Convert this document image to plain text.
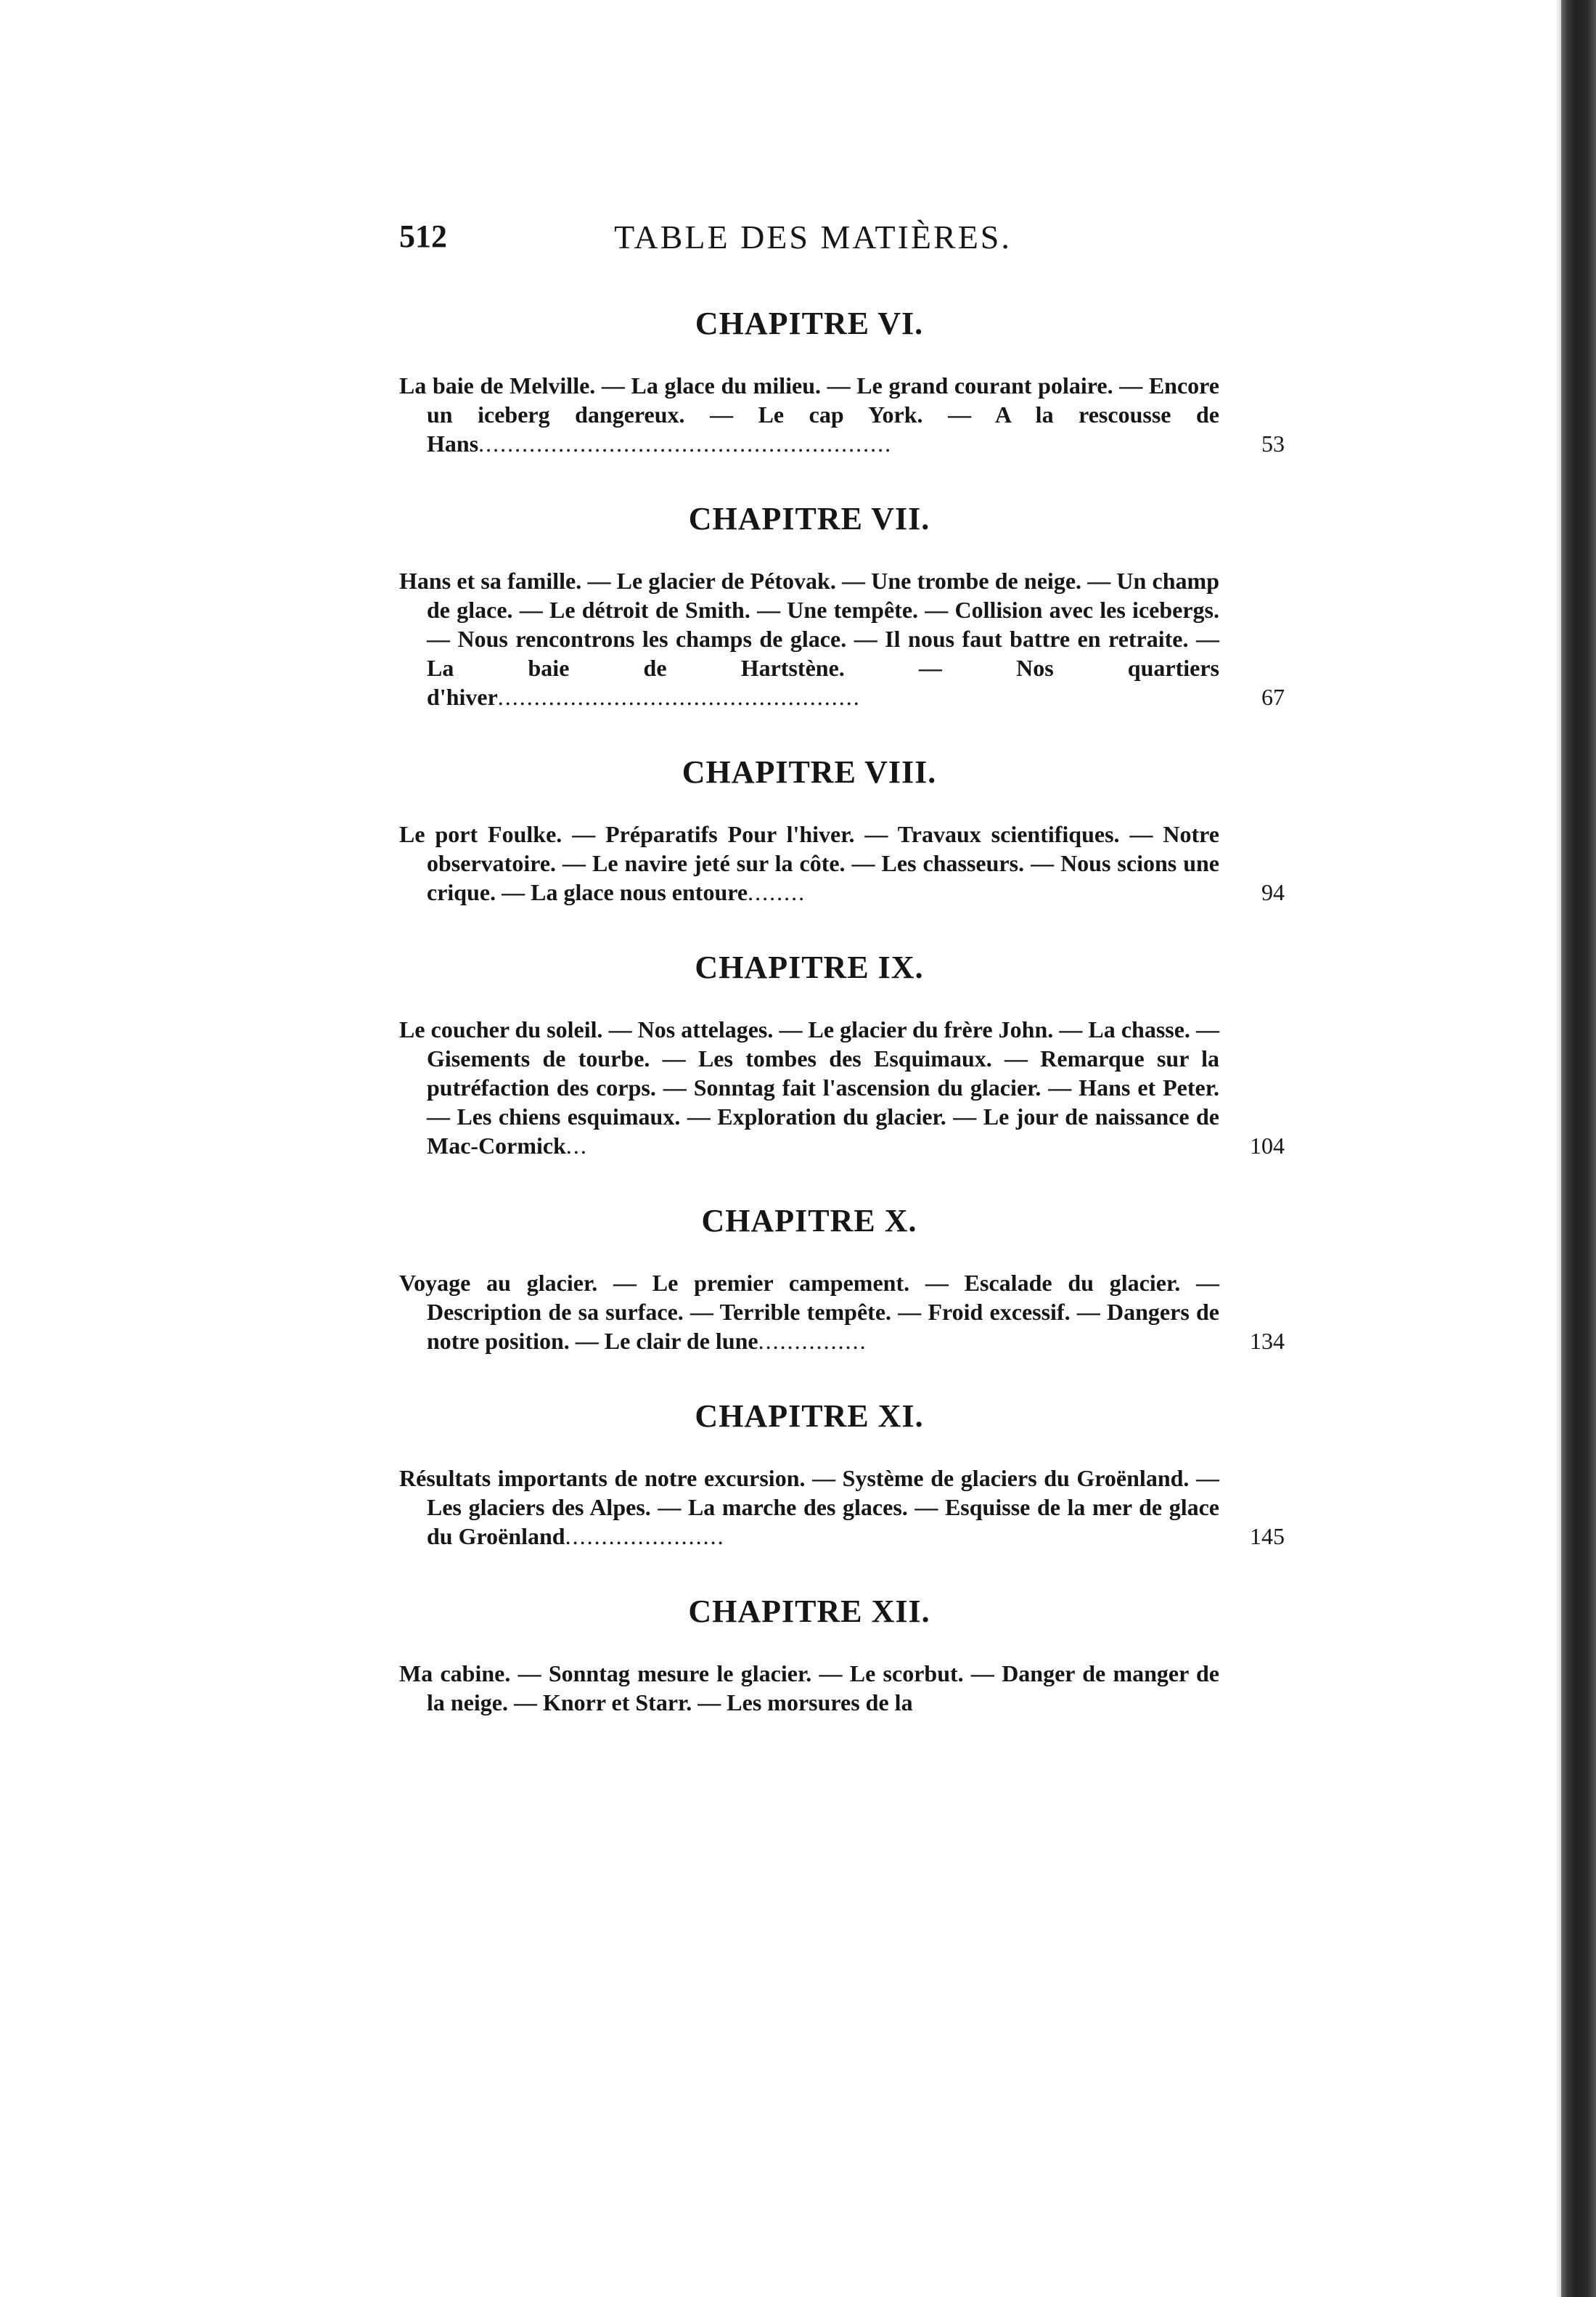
512	TABLE DES MATIÈRES.
CHAPITRE VI.
La baie de Melville. — La glace du milieu. — Le grand courant polaire. — Encore un iceberg dangereux. — Le cap York. — A la rescousse de Hans.........................................................	53
CHAPITRE VII.
Hans et sa famille. — Le glacier de Pétovak. — Une trombe de neige. — Un champ de glace. — Le détroit de Smith. — Une tempête. — Collision avec les icebergs. — Nous rencontrons les champs de glace. — Il nous faut battre en retraite. — La baie de Hartstène. — Nos quartiers d'hiver..................................................	67
CHAPITRE VIII.
Le port Foulke. — Préparatifs Pour l'hiver. — Travaux scientifiques. — Notre observatoire. — Le navire jeté sur la côte. — Les chasseurs. — Nous scions une crique. — La glace nous entoure........	94
CHAPITRE IX.
Le coucher du soleil. — Nos attelages. — Le glacier du frère John. — La chasse. — Gisements de tourbe. — Les tombes des Esquimaux. — Remarque sur la putréfaction des corps. — Sonntag fait l'ascension du glacier. — Hans et Peter. — Les chiens esquimaux. — Exploration du glacier. — Le jour de naissance de Mac-Cormick...	104
CHAPITRE X.
Voyage au glacier. — Le premier campement. — Escalade du glacier. — Description de sa surface. — Terrible tempête. — Froid excessif. — Dangers de notre position. — Le clair de lune...............	134
CHAPITRE XI.
Résultats importants de notre excursion. — Système de glaciers du Groënland. — Les glaciers des Alpes. — La marche des glaces. — Esquisse de la mer de glace du Groënland......................	145
CHAPITRE XII.
Ma cabine. — Sonntag mesure le glacier. — Le scorbut. — Danger de manger de la neige. — Knorr et Starr. — Les morsures de la
